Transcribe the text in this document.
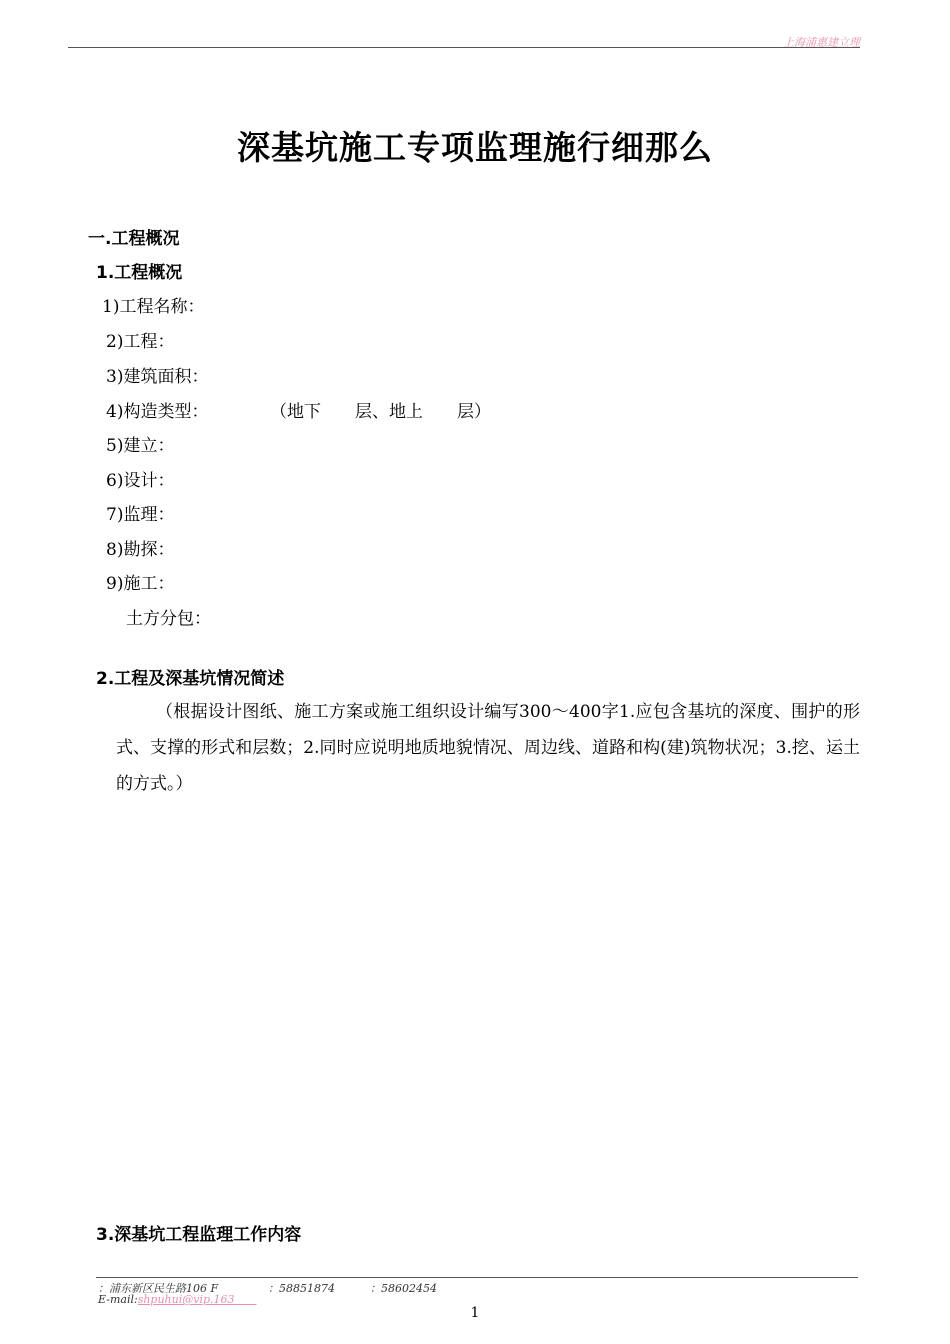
上海浦惠建立理
深基坑施工专项监理施行细那么
一.工程概况
1.工程概况
1)工程名称：
2)工程：
3)建筑面积：
4)构造类型：	（地下　　层、地上　　层）
5)建立：
6)设计：
7)监理：
8)勘探：
9)施工：
土方分包：
2.工程及深基坑情况简述
（根据设计图纸、施工方案或施工组织设计编写300～400字1.应包含基坑的深度、围护的形式、支撑的形式和层数；2.同时应说明地质地貌情况、周边线、道路和构(建)筑物状况；3.挖、运土的方式。）
3.深基坑工程监理工作内容
：浦东新区民生路106 F	：58851874	：58602454
E-mail:shpuhui@vip.163  
1
